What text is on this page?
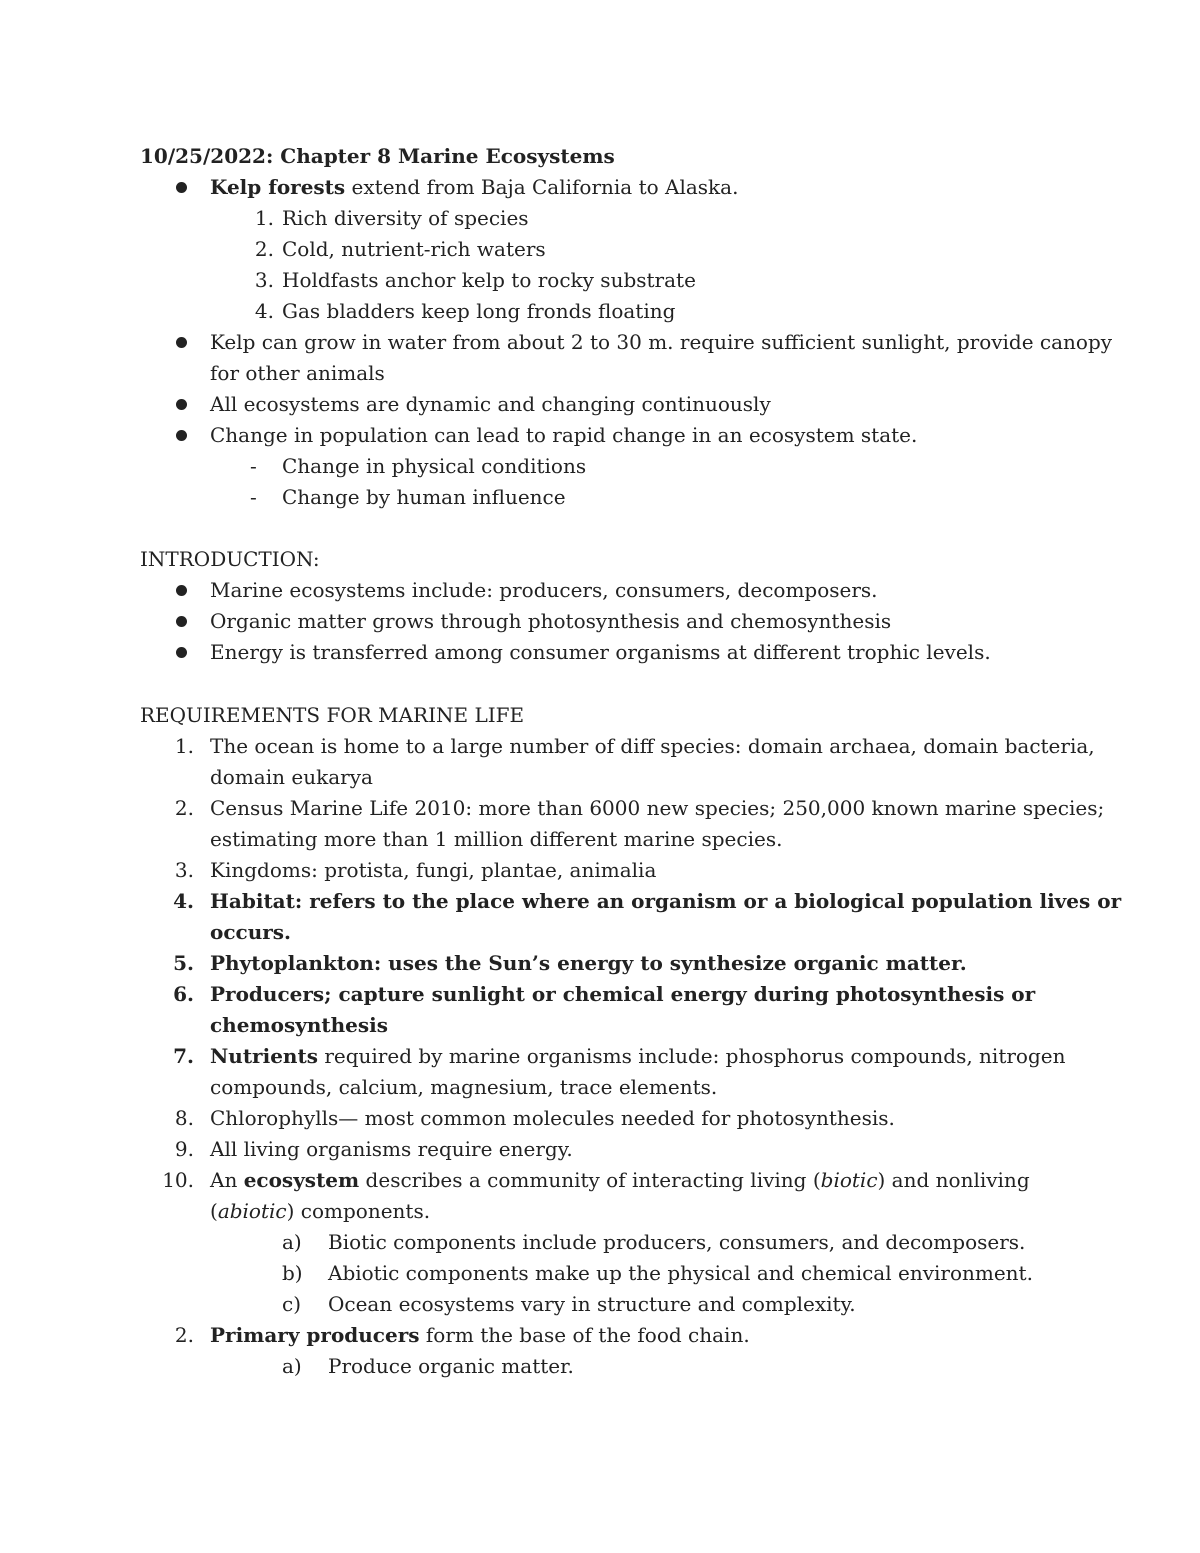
10/25/2022: Chapter 8 Marine Ecosystems
Kelp forests extend from Baja California to Alaska.
1. Rich diversity of species
2. Cold, nutrient-rich waters
3. Holdfasts anchor kelp to rocky substrate
4. Gas bladders keep long fronds floating
Kelp can grow in water from about 2 to 30 m. require sufficient sunlight, provide canopy
for other animals
All ecosystems are dynamic and changing continuously
Change in population can lead to rapid change in an ecosystem state.
- Change in physical conditions
- Change by human influence
INTRODUCTION:
Marine ecosystems include: producers, consumers, decomposers.
Organic matter grows through photosynthesis and chemosynthesis
Energy is transferred among consumer organisms at different trophic levels.
REQUIREMENTS FOR MARINE LIFE
1. The ocean is home to a large number of diff species: domain archaea, domain bacteria,
domain eukarya
2. Census Marine Life 2010: more than 6000 new species; 250,000 known marine species;
estimating more than 1 million different marine species.
3. Kingdoms: protista, fungi, plantae, animalia
4. Habitat: refers to the place where an organism or a biological population lives or
occurs.
5. Phytoplankton: uses the Sun’s energy to synthesize organic matter.
6. Producers; capture sunlight or chemical energy during photosynthesis or
chemosynthesis
7. Nutrients required by marine organisms include: phosphorus compounds, nitrogen
compounds, calcium, magnesium, trace elements.
8. Chlorophylls— most common molecules needed for photosynthesis.
9. All living organisms require energy.
10. An ecosystem describes a community of interacting living (biotic) and nonliving
(abiotic) components.
a) Biotic components include producers, consumers, and decomposers.
b) Abiotic components make up the physical and chemical environment.
c) Ocean ecosystems vary in structure and complexity.
2. Primary producers form the base of the food chain.
a) Produce organic matter.
